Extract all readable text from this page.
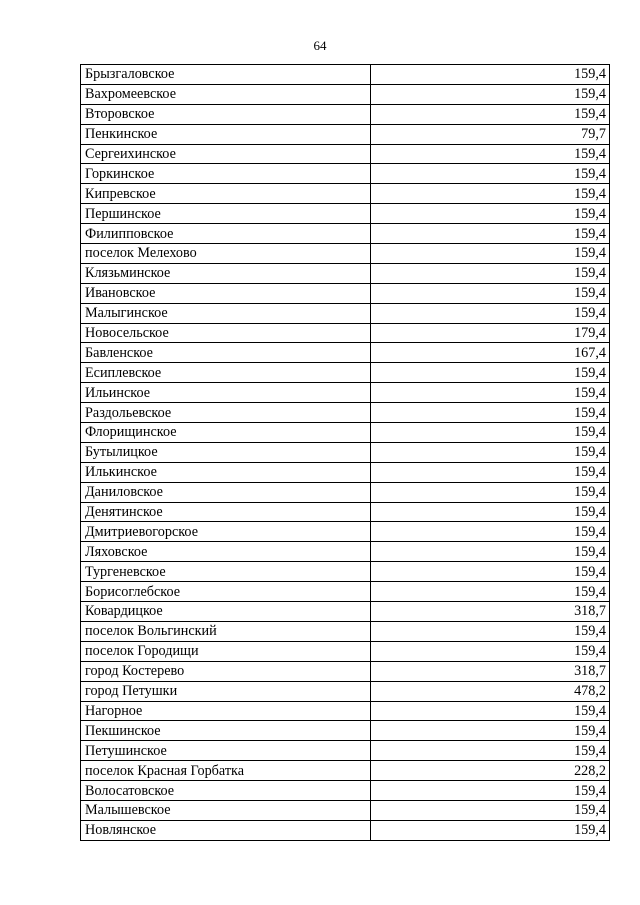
64
Брызгаловское	159,4
Вахромеевское	159,4
Второвское	159,4
Пенкинское	79,7
Сергеихинское	159,4
Горкинское	159,4
Кипревское	159,4
Першинское	159,4
Филипповское	159,4
поселок Мелехово	159,4
Клязьминское	159,4
Ивановское	159,4
Малыгинское	159,4
Новосельское	179,4
Бавленское	167,4
Есиплевское	159,4
Ильинское	159,4
Раздольевское	159,4
Флорищинское	159,4
Бутылицкое	159,4
Илькинское	159,4
Даниловское	159,4
Денятинское	159,4
Дмитриевогорское	159,4
Ляховское	159,4
Тургеневское	159,4
Борисоглебское	159,4
Ковардицкое	318,7
поселок Вольгинский	159,4
поселок Городищи	159,4
город Костерево	318,7
город Петушки	478,2
Нагорное	159,4
Пекшинское	159,4
Петушинское	159,4
поселок Красная Горбатка	228,2
Волосатовское	159,4
Малышевское	159,4
Новлянское	159,4
